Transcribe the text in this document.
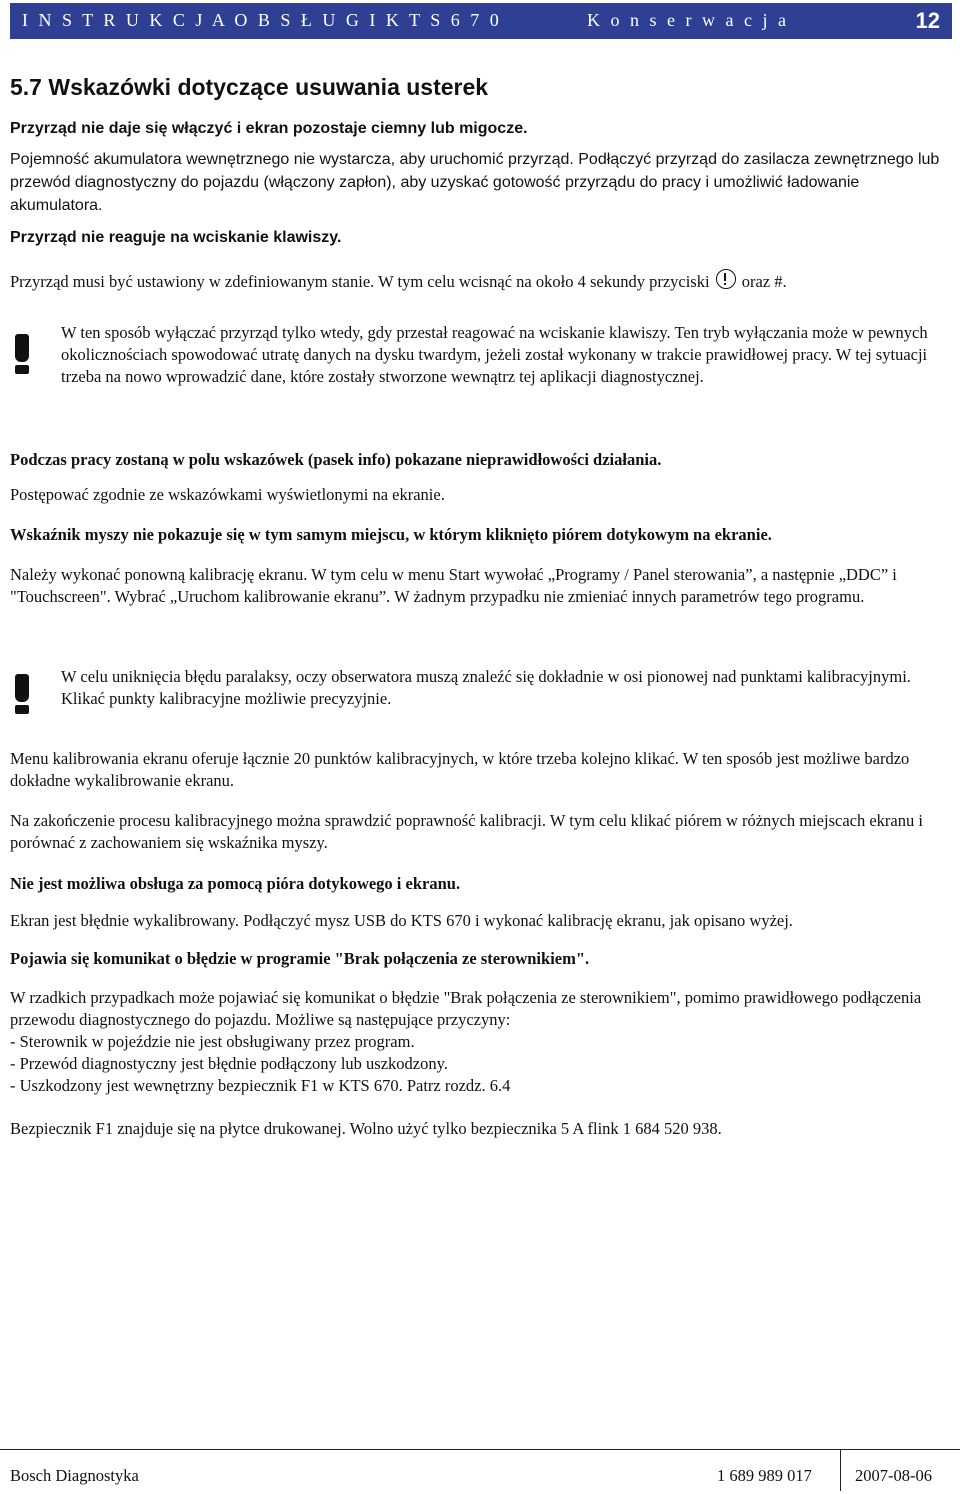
I N S T R U K C J A O B S Ł U G I K T S 6 7 0	K o n s e r w a c j a	12
5.7 Wskazówki dotyczące usuwania usterek

Przyrząd nie daje się włączyć i ekran pozostaje ciemny lub migocze.

Pojemność akumulatora wewnętrznego nie wystarcza, aby uruchomić przyrząd. Podłączyć przyrząd do zasilacza zewnętrznego lub przewód diagnostyczny do pojazdu (włączony zapłon), aby uzyskać gotowość przyrządu do pracy i umożliwić ładowanie akumulatora.

Przyrząd nie reaguje na wciskanie klawiszy.

Przyrząd musi być ustawiony w zdefiniowanym stanie. W tym celu wcisnąć na około 4 sekundy przyciski oraz #.

W ten sposób wyłączać przyrząd tylko wtedy, gdy przestał reagować na wciskanie klawiszy. Ten tryb wyłączania może w pewnych okolicznościach spowodować utratę danych na dysku twardym, jeżeli został wykonany w trakcie prawidłowej pracy. W tej sytuacji trzeba na nowo wprowadzić dane, które zostały stworzone wewnątrz tej aplikacji diagnostycznej.

Podczas pracy zostaną w polu wskazówek (pasek info) pokazane nieprawidłowości działania.

Postępować zgodnie ze wskazówkami wyświetlonymi na ekranie.

Wskaźnik myszy nie pokazuje się w tym samym miejscu, w którym kliknięto piórem dotykowym na ekranie.

Należy wykonać ponowną kalibrację ekranu. W tym celu w menu Start wywołać „Programy / Panel sterowania”, a następnie „DDC” i "Touchscreen". Wybrać „Uruchom kalibrowanie ekranu”. W żadnym przypadku nie zmieniać innych parametrów tego programu.

W celu uniknięcia błędu paralaksy, oczy obserwatora muszą znaleźć się dokładnie w osi pionowej nad punktami kalibracyjnymi. Klikać punkty kalibracyjne możliwie precyzyjnie.

Menu kalibrowania ekranu oferuje łącznie 20 punktów kalibracyjnych, w które trzeba kolejno klikać. W ten sposób jest możliwe bardzo dokładne wykalibrowanie ekranu.

Na zakończenie procesu kalibracyjnego można sprawdzić poprawność kalibracji. W tym celu klikać piórem w różnych miejscach ekranu i porównać z zachowaniem się wskaźnika myszy.

Nie jest możliwa obsługa za pomocą pióra dotykowego i ekranu.

Ekran jest błędnie wykalibrowany. Podłączyć mysz USB do KTS 670 i wykonać kalibrację ekranu, jak opisano wyżej.

Pojawia się komunikat o błędzie w programie "Brak połączenia ze sterownikiem".

W rzadkich przypadkach może pojawiać się komunikat o błędzie "Brak połączenia ze sterownikiem", pomimo prawidłowego podłączenia przewodu diagnostycznego do pojazdu. Możliwe są następujące przyczyny:

- Sterownik w pojeździe nie jest obsługiwany przez program.

- Przewód diagnostyczny jest błędnie podłączony lub uszkodzony.

- Uszkodzony jest wewnętrzny bezpiecznik F1 w KTS 670. Patrz rozdz. 6.4

Bezpiecznik F1 znajduje się na płytce drukowanej. Wolno użyć tylko bezpiecznika 5 A flink 1 684 520 938.

Bosch Diagnostyka	1 689 989 017	2007-08-06
